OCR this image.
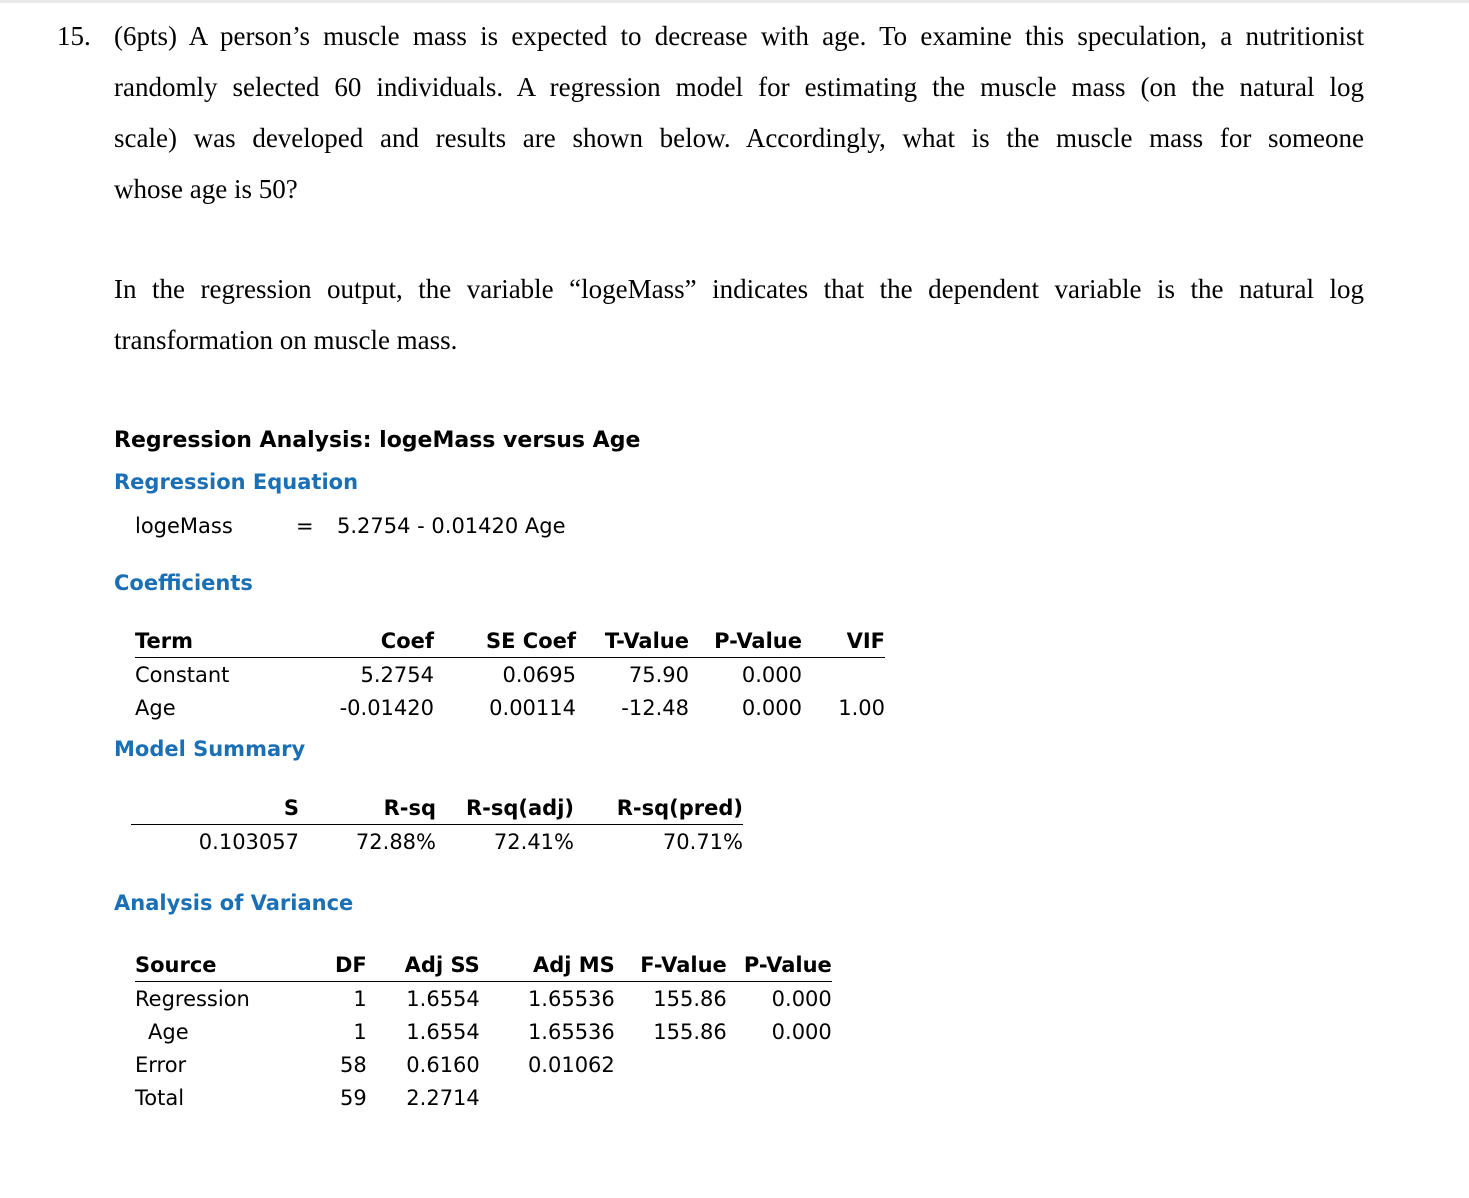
15. (6pts) A person’s muscle mass is expected to decrease with age. To examine this speculation, a nutritionist
randomly selected 60 individuals. A regression model for estimating the muscle mass (on the natural log
scale) was developed and results are shown below. Accordingly, what is the muscle mass for someone
whose age is 50?
In the regression output, the variable “logeMass” indicates that the dependent variable is the natural log
transformation on muscle mass.
Regression Analysis: logeMass versus Age
Regression Equation
logeMass	= 5.2754 - 0.01420 Age
Coefficients
Term	Coef	SE Coef	T-Value	P-Value	VIF
Constant	5.2754	0.0695	75.90	0.000	
Age	-0.01420	0.00114	-12.48	0.000	1.00
Model Summary
S	R-sq	R-sq(adj)	R-sq(pred)
0.103057	72.88%	72.41%	70.71%
Analysis of Variance
Source	DF	Adj SS	Adj MS	F-Value	P-Value
Regression	1	1.6554	1.65536	155.86	0.000
Age	1	1.6554	1.65536	155.86	0.000
Error	58	0.6160	0.01062		
Total	59	2.2714			
